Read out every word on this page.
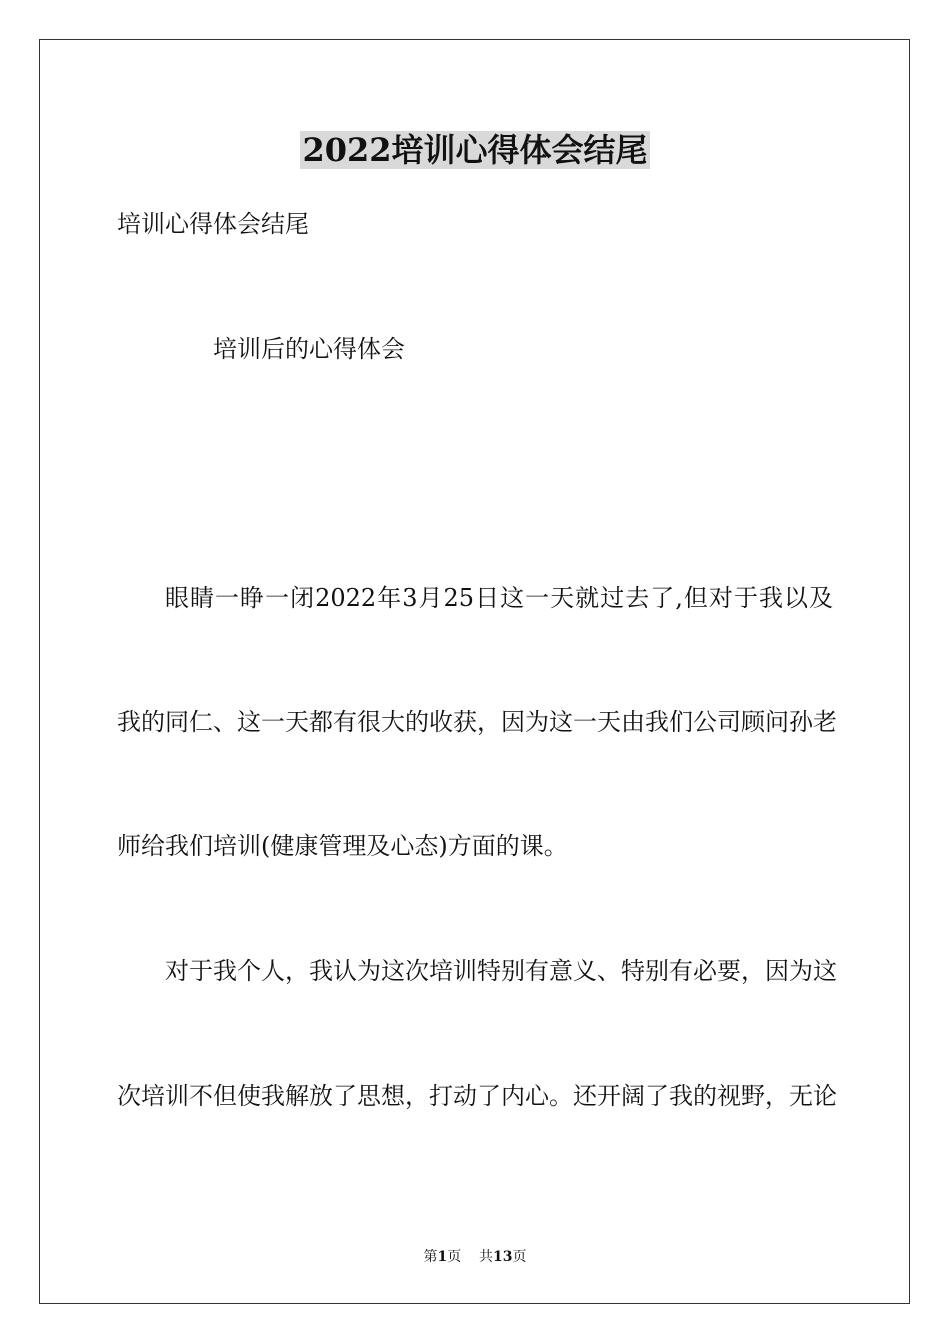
2022培训心得体会结尾
培训心得体会结尾
培训后的心得体会
眼睛一睁一闭2022年3月25日这一天就过去了,但对于我以及
我的同仁、这一天都有很大的收获，因为这一天由我们公司顾问孙老
师给我们培训(健康管理及心态)方面的课。
对于我个人，我认为这次培训特别有意义、特别有必要，因为这
次培训不但使我解放了思想，打动了内心。还开阔了我的视野，无论
第1页 共13页
